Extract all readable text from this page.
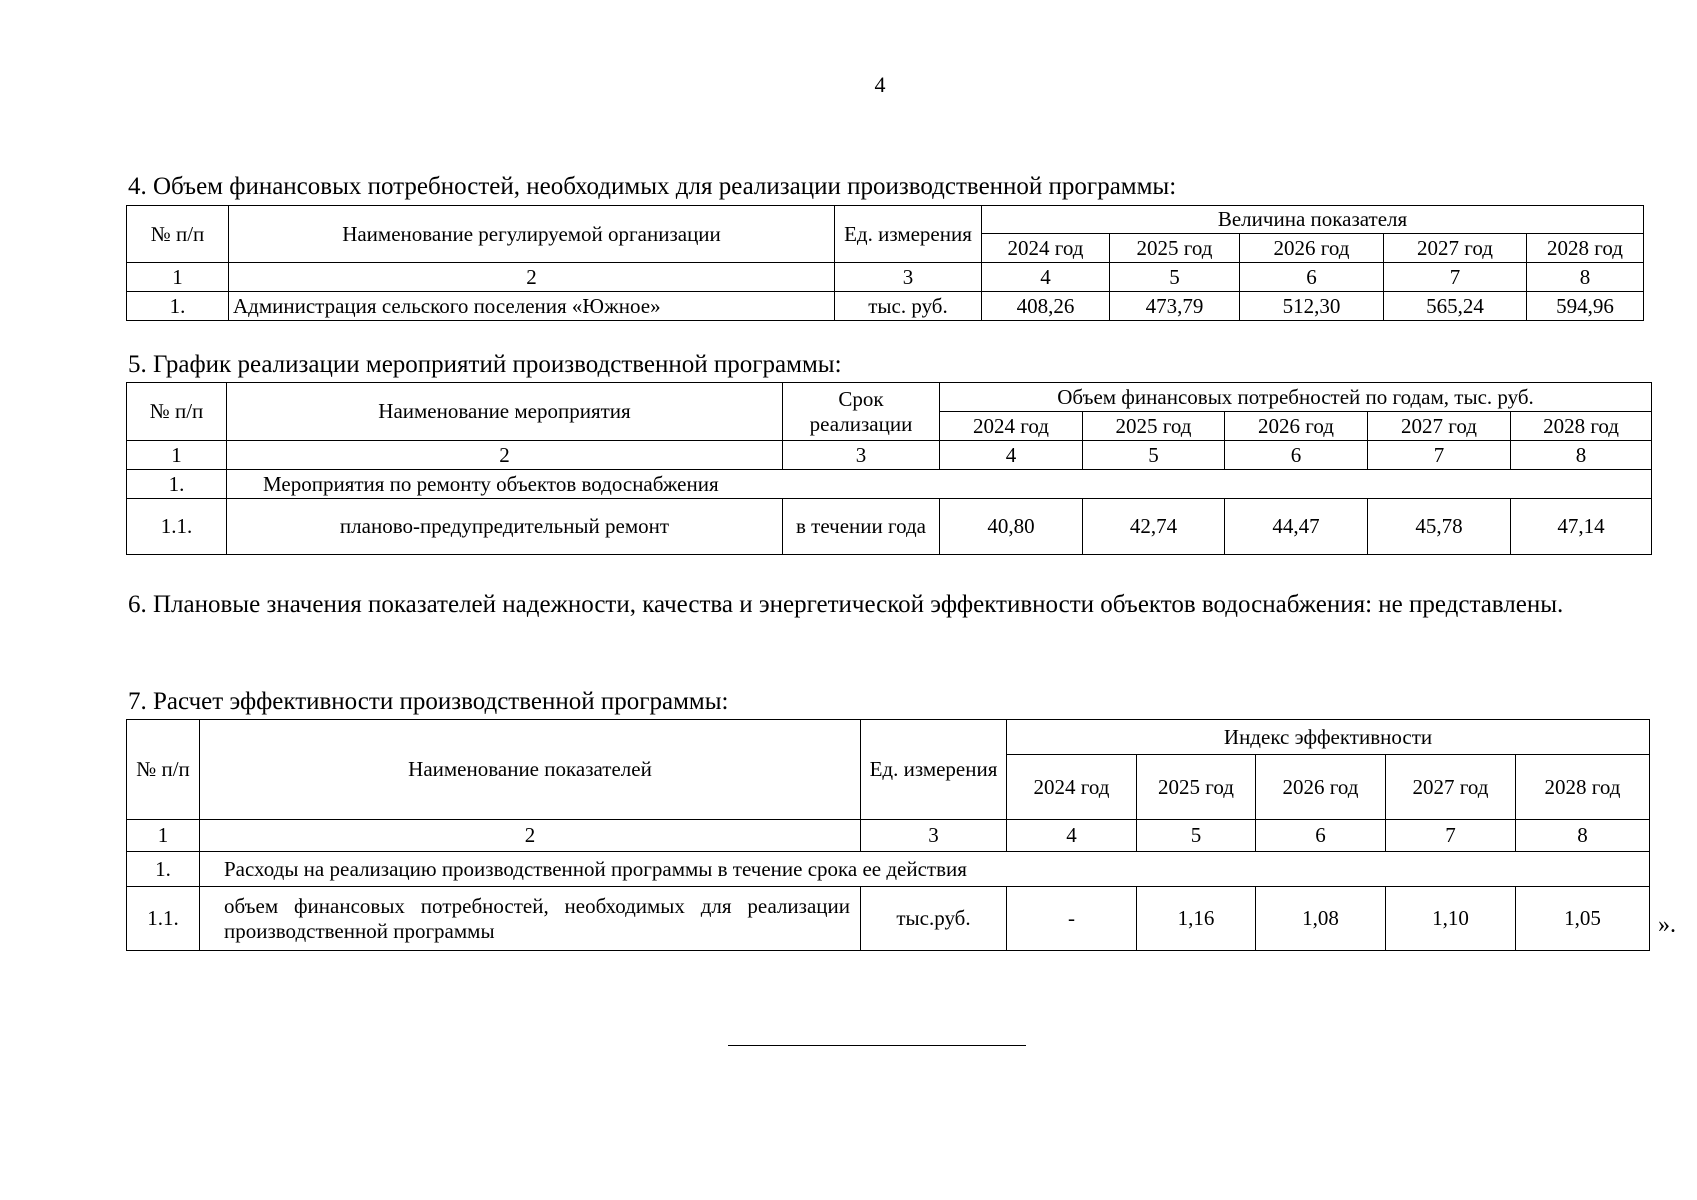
4
4. Объем финансовых потребностей, необходимых для реализации производственной программы:
№ п/п	Наименование регулируемой организации	Ед. измерения	Величина показателя				
			2024 год	2025 год	2026 год	2027 год	2028 год
1	2	3	4	5	6	7	8
1.	Администрация сельского поселения «Южное»	тыс. руб.	408,26	473,79	512,30	565,24	594,96
5. График реализации мероприятий производственной программы:
№ п/п	Наименование мероприятия	Срок реализации	Объем финансовых потребностей по годам, тыс. руб.				
			2024 год	2025 год	2026 год	2027 год	2028 год
1	2	3	4	5	6	7	8
1.	Мероприятия по ремонту объектов водоснабжения						
1.1.	планово-предупредительный ремонт	в течении года	40,80	42,74	44,47	45,78	47,14

6. Плановые значения показателей надежности, качества и энергетической эффективности объектов водоснабжения: не представлены.

7. Расчет эффективности производственной программы:
№ п/п	Наименование показателей	Ед. измерения	Индекс эффективности				
			2024 год	2025 год	2026 год	2027 год	2028 год
1	2	3	4	5	6	7	8
1.	Расходы на реализацию производственной программы в течение срока ее действия						
1.1.	объем финансовых потребностей, необходимых для реализации производственной программы	тыс.руб.	-	1,16	1,08	1,10	1,05 ».
